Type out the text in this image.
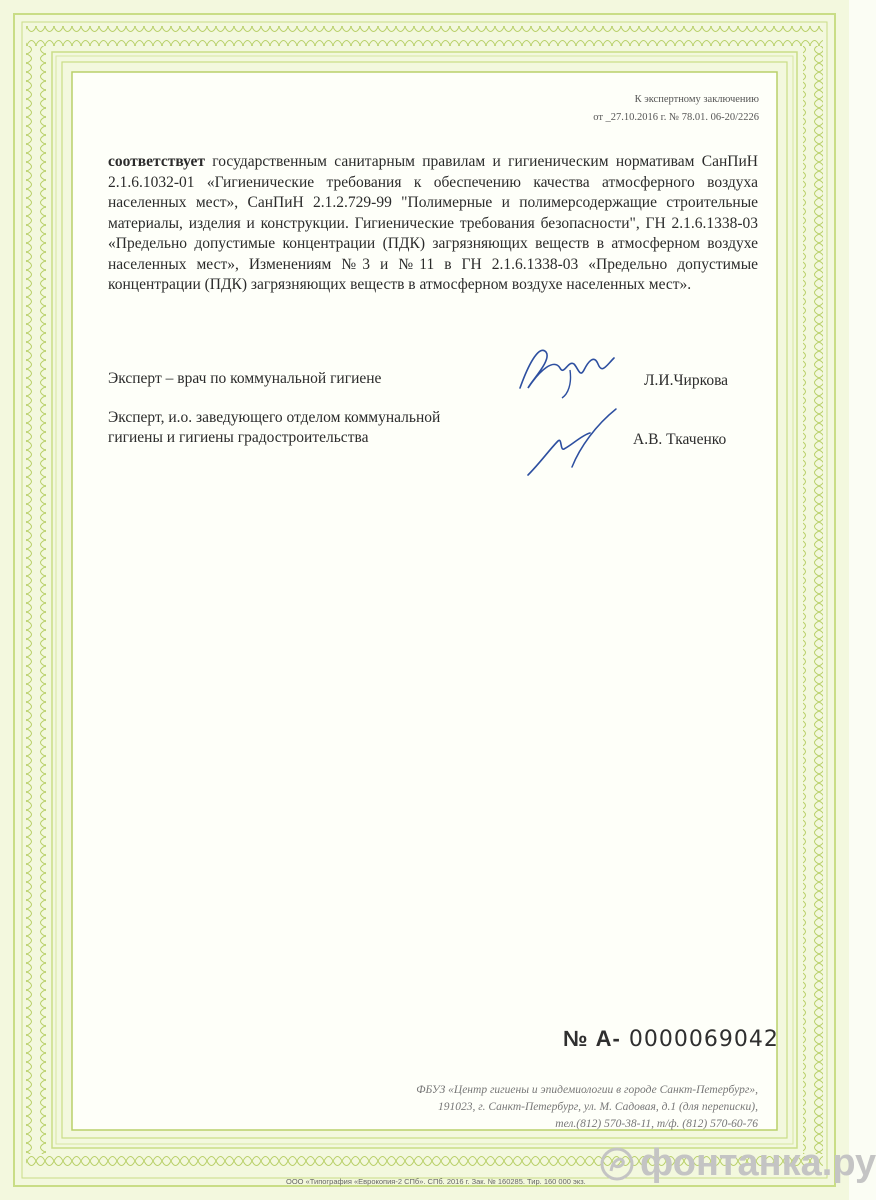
К экспертному заключению
от _27.10.2016 г. № 78.01. 06-20/2226
соответствует государственным санитарным правилам и гигиеническим нормативам СанПиН 2.1.6.1032-01 «Гигиенические требования к обеспечению качества атмосферного воздуха населенных мест», СанПиН 2.1.2.729-99 "Полимерные и полимерсодержащие строительные материалы, изделия и конструкции. Гигиенические требования безопасности", ГН 2.1.6.1338-03 «Предельно допустимые концентрации (ПДК) загрязняющих веществ в атмосферном воздухе населенных мест», Изменениям №3 и №11 в ГН 2.1.6.1338-03 «Предельно допустимые концентрации (ПДК) загрязняющих веществ в атмосферном воздухе населенных мест».
Эксперт – врач по коммунальной гигиене	Л.И.Чиркова
Эксперт, и.о. заведующего отделом коммунальной гигиены и гигиены градостроительства	А.В. Ткаченко
№ А- 0000069042
ФБУЗ «Центр гигиены и эпидемиологии в городе Санкт-Петербург»,
191023, г. Санкт-Петербург, ул. М. Садовая, д.1 (для переписки),
тел.(812) 570-38-11, т/ф. (812) 570-60-76
ООО «Типография «Еврокопия-2 СПб». СПб. 2016 г. Зак. № 160285. Тир. 160 000 экз. фонтанка.ру
